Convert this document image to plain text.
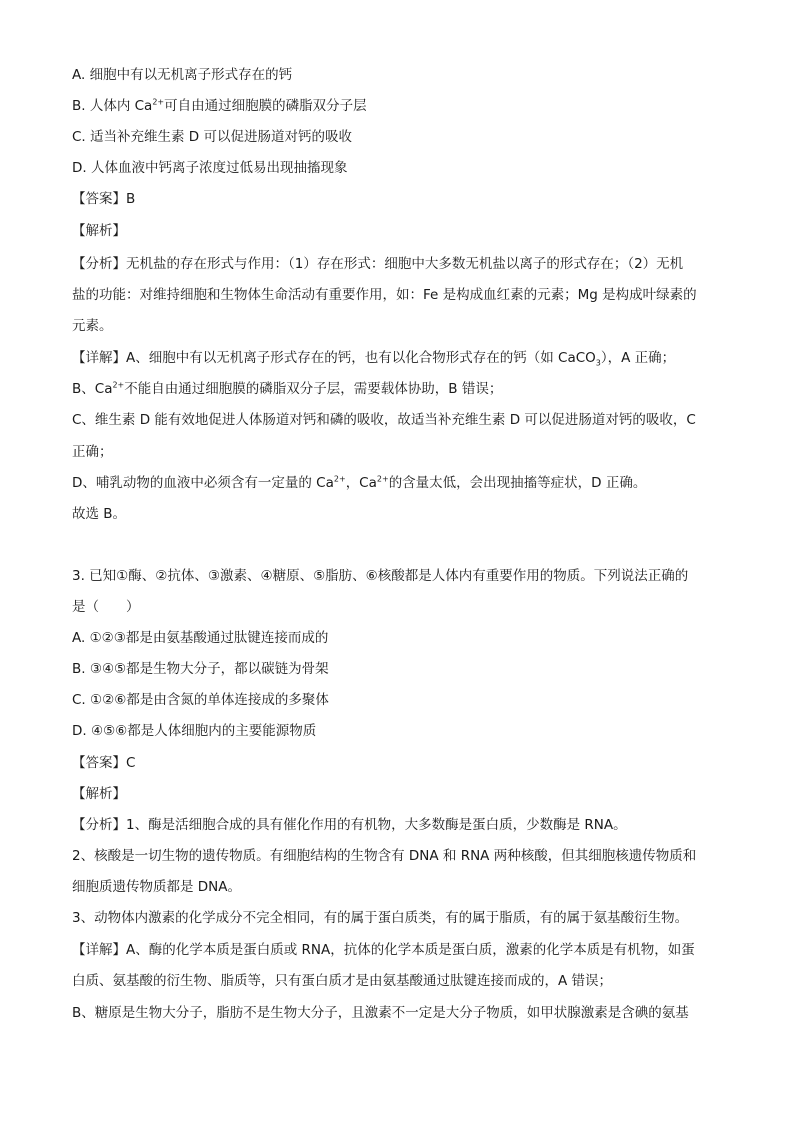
A. 细胞中有以无机离子形式存在的钙
B. 人体内 $Ca^{2+}$可自由通过细胞膜的磷脂双分子层
C. 适当补充维生素 D 可以促进肠道对钙的吸收
D. 人体血液中钙离子浓度过低易出现抽搐现象
【答案】B
【解析】
【分析】无机盐的存在形式与作用：（1）存在形式：细胞中大多数无机盐以离子的形式存在；（2）无机
盐的功能：对维持细胞和生物体生命活动有重要作用，如：Fe 是构成血红素的元素；Mg 是构成叶绿素的
元素。
【详解】A、细胞中有以无机离子形式存在的钙，也有以化合物形式存在的钙（如 CaCO$_3$），A 正确；
B、$Ca^{2+}$不能自由通过细胞膜的磷脂双分子层，需要载体协助，B 错误；
C、维生素 D 能有效地促进人体肠道对钙和磷的吸收，故适当补充维生素 D 可以促进肠道对钙的吸收，C
正确；
D、哺乳动物的血液中必须含有一定量的 $Ca^{2+}$，$Ca^{2+}$的含量太低，会出现抽搐等症状，D 正确。
故选 B。
3. 已知①酶、②抗体、③激素、④糖原、⑤脂肪、⑥核酸都是人体内有重要作用的物质。下列说法正确的
是（　　）
A. ①②③都是由氨基酸通过肽键连接而成的
B. ③④⑤都是生物大分子，都以碳链为骨架
C. ①②⑥都是由含氮的单体连接成的多聚体
D. ④⑤⑥都是人体细胞内的主要能源物质
【答案】C
【解析】
【分析】1、酶是活细胞合成的具有催化作用的有机物，大多数酶是蛋白质，少数酶是 RNA。
2、核酸是一切生物的遗传物质。有细胞结构的生物含有 DNA 和 RNA 两种核酸，但其细胞核遗传物质和
细胞质遗传物质都是 DNA。
3、动物体内激素的化学成分不完全相同，有的属于蛋白质类，有的属于脂质，有的属于氨基酸衍生物。
【详解】A、酶的化学本质是蛋白质或 RNA，抗体的化学本质是蛋白质，激素的化学本质是有机物，如蛋
白质、氨基酸的衍生物、脂质等，只有蛋白质才是由氨基酸通过肽键连接而成的，A 错误；
B、糖原是生物大分子，脂肪不是生物大分子，且激素不一定是大分子物质，如甲状腺激素是含碘的氨基
